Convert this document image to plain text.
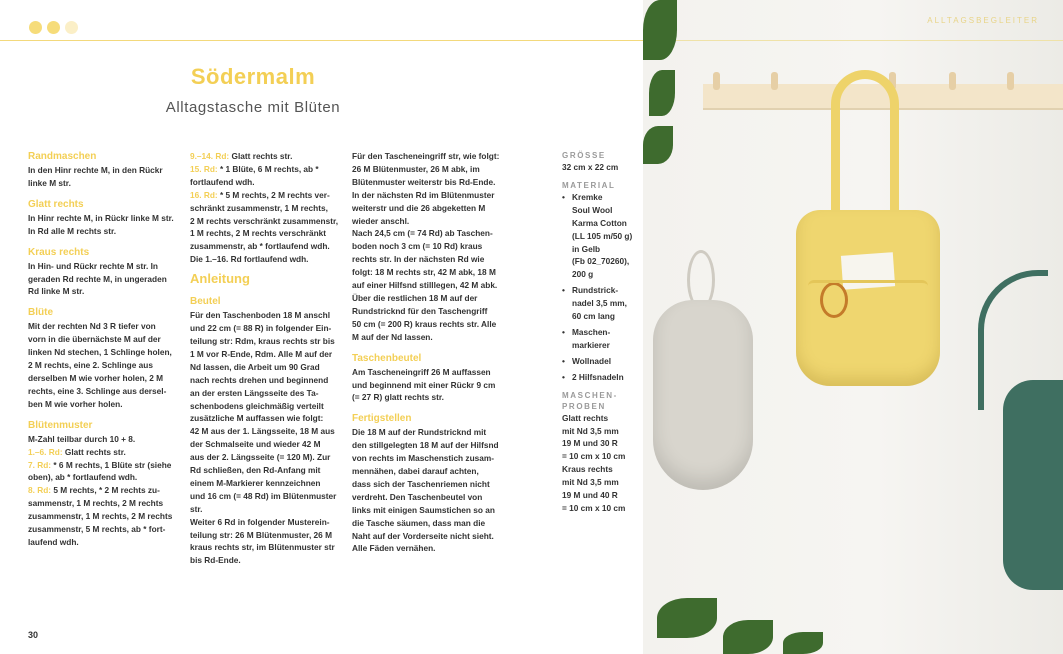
Södermalm
Alltagstasche mit Blüten
Randmaschen
In den Hinr rechte M, in den Rückr
linke M str.
Glatt rechts
In Hinr rechte M, in Rückr linke M str.
In Rd alle M rechts str.
Kraus rechts
In Hin- und Rückr rechte M str. In
geraden Rd rechte M, in ungeraden
Rd linke M str.
Blüte
Mit der rechten Nd 3 R tiefer von
vorn in die übernächste M auf der
linken Nd stechen, 1 Schlinge holen,
2 M rechts, eine 2. Schlinge aus
derselben M wie vorher holen, 2 M
rechts, eine 3. Schlinge aus dersel-
ben M wie vorher holen.
Blütenmuster
M-Zahl teilbar durch 10 + 8.
1.–6. Rd: Glatt rechts str.
7. Rd: * 6 M rechts, 1 Blüte str (siehe
oben), ab * fortlaufend wdh.
8. Rd: 5 M rechts, * 2 M rechts zu-
sammenstr, 1 M rechts, 2 M rechts
zusammenstr, 1 M rechts, 2 M rechts
zusammenstr, 5 M rechts, ab * fort-
laufend wdh.
9.–14. Rd: Glatt rechts str.
15. Rd: * 1 Blüte, 6 M rechts, ab *
fortlaufend wdh.
16. Rd: * 5 M rechts, 2 M rechts ver-
schränkt zusammenstr, 1 M rechts,
2 M rechts verschränkt zusammenstr,
1 M rechts, 2 M rechts verschränkt
zusammenstr, ab * fortlaufend wdh.
Die 1.–16. Rd fortlaufend wdh.
Anleitung
Beutel
Für den Taschenboden 18 M anschl
und 22 cm (= 88 R) in folgender Ein-
teilung str: Rdm, kraus rechts str bis
1 M vor R-Ende, Rdm. Alle M auf der
Nd lassen, die Arbeit um 90 Grad
nach rechts drehen und beginnend
an der ersten Längsseite des Ta-
schenbodens gleichmäßig verteilt
zusätzliche M auffassen wie folgt:
42 M aus der 1. Längsseite, 18 M aus
der Schmalseite und wieder 42 M
aus der 2. Längsseite (= 120 M). Zur
Rd schließen, den Rd-Anfang mit
einem M-Markierer kennzeichnen
und 16 cm (= 48 Rd) im Blütenmuster
str.
Weiter 6 Rd in folgender Musterein-
teilung str: 26 M Blütenmuster, 26 M
kraus rechts str, im Blütenmuster str
bis Rd-Ende.
Für den Tascheneingriff str, wie folgt:
26 M Blütenmuster, 26 M abk, im
Blütenmuster weiterstr bis Rd-Ende.
In der nächsten Rd im Blütenmuster
weiterstr und die 26 abgeketten M
wieder anschl.
Nach 24,5 cm (= 74 Rd) ab Taschen-
boden noch 3 cm (= 10 Rd) kraus
rechts str. In der nächsten Rd wie
folgt: 18 M rechts str, 42 M abk, 18 M
auf einer Hilfsnd stilllegen, 42 M abk.
Über die restlichen 18 M auf der
Rundstricknd für den Taschengriff
50 cm (= 200 R) kraus rechts str. Alle
M auf der Nd lassen.
Taschenbeutel
Am Tascheneingriff 26 M auffassen
und beginnend mit einer Rückr 9 cm
(= 27 R) glatt rechts str.
Fertigstellen
Die 18 M auf der Rundstricknd mit
den stillgelegten 18 M auf der Hilfsnd
von rechts im Maschenstich zusam-
mennähen, dabei darauf achten,
dass sich der Taschenriemen nicht
verdreht. Den Taschenbeutel von
links mit einigen Saumstichen so an
die Tasche säumen, dass man die
Naht auf der Vorderseite nicht sieht.
Alle Fäden vernähen.
GRÖSSE
32 cm x 22 cm
MATERIAL
• Kremke
Soul Wool
Karma Cotton
(LL 105 m/50 g)
in Gelb
(Fb 02_70260),
200 g
• Rundstrick-
nadel 3,5 mm,
60 cm lang
• Maschen-
markierer
• Wollnadel
• 2 Hilfsnadeln
MASCHEN-
PROBEN
Glatt rechts
mit Nd 3,5 mm
19 M und 30 R
= 10 cm x 10 cm
Kraus rechts
mit Nd 3,5 mm
19 M und 40 R
= 10 cm x 10 cm
30
ALLTAGSBEGLEITER
